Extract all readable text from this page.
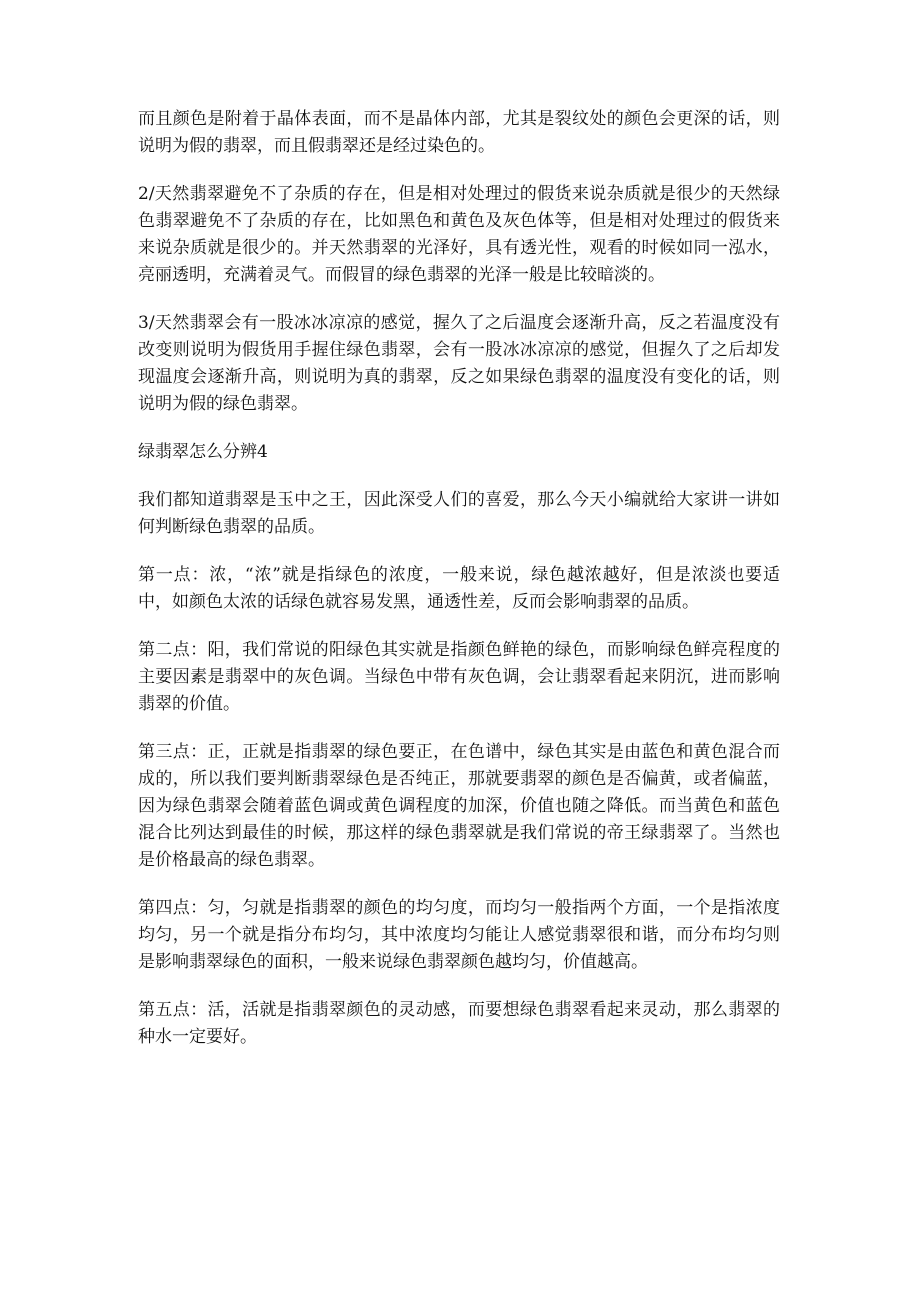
而且颜色是附着于晶体表面，而不是晶体内部，尤其是裂纹处的颜色会更深的话，则说明为假的翡翠，而且假翡翠还是经过染色的。

2/天然翡翠避免不了杂质的存在，但是相对处理过的假货来说杂质就是很少的天然绿色翡翠避免不了杂质的存在，比如黑色和黄色及灰色体等，但是相对处理过的假货来来说杂质就是很少的。并天然翡翠的光泽好，具有透光性，观看的时候如同一泓水，亮丽透明，充满着灵气。而假冒的绿色翡翠的光泽一般是比较暗淡的。

3/天然翡翠会有一股冰冰凉凉的感觉，握久了之后温度会逐渐升高，反之若温度没有改变则说明为假货用手握住绿色翡翠，会有一股冰冰凉凉的感觉，但握久了之后却发现温度会逐渐升高，则说明为真的翡翠，反之如果绿色翡翠的温度没有变化的话，则说明为假的绿色翡翠。

绿翡翠怎么分辨4

我们都知道翡翠是玉中之王，因此深受人们的喜爱，那么今天小编就给大家讲一讲如何判断绿色翡翠的品质。

第一点：浓，“浓”就是指绿色的浓度，一般来说，绿色越浓越好，但是浓淡也要适中，如颜色太浓的话绿色就容易发黑，通透性差，反而会影响翡翠的品质。

第二点：阳，我们常说的阳绿色其实就是指颜色鲜艳的绿色，而影响绿色鲜亮程度的主要因素是翡翠中的灰色调。当绿色中带有灰色调，会让翡翠看起来阴沉，进而影响翡翠的价值。

第三点：正，正就是指翡翠的绿色要正，在色谱中，绿色其实是由蓝色和黄色混合而成的，所以我们要判断翡翠绿色是否纯正，那就要翡翠的颜色是否偏黄，或者偏蓝，因为绿色翡翠会随着蓝色调或黄色调程度的加深，价值也随之降低。而当黄色和蓝色混合比列达到最佳的时候，那这样的绿色翡翠就是我们常说的帝王绿翡翠了。当然也是价格最高的绿色翡翠。

第四点：匀，匀就是指翡翠的颜色的均匀度，而均匀一般指两个方面，一个是指浓度均匀，另一个就是指分布均匀，其中浓度均匀能让人感觉翡翠很和谐，而分布均匀则是影响翡翠绿色的面积，一般来说绿色翡翠颜色越均匀，价值越高。

第五点：活，活就是指翡翠颜色的灵动感，而要想绿色翡翠看起来灵动，那么翡翠的种水一定要好。
